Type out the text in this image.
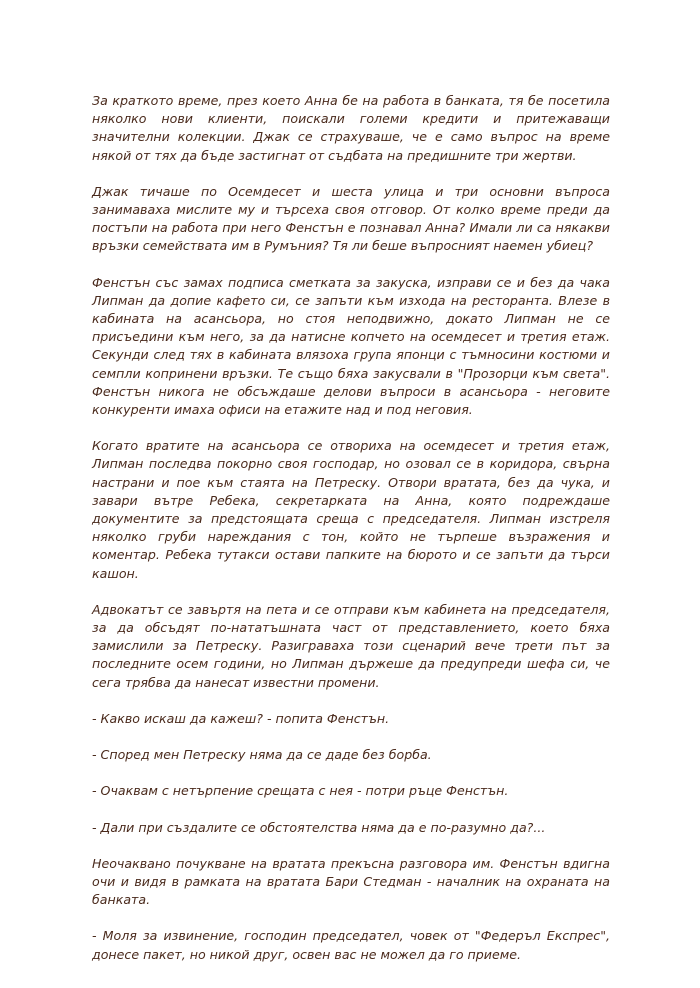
За краткото време, през което Анна бе на работа в банката, тя бе посетила няколко нови клиенти, поискали големи кредити и притежаващи значителни колекции. Джак се страхуваше, че е само въпрос на време някой от тях да бъде застигнат от съдбата на предишните три жертви.

Джак тичаше по Осемдесет и шеста улица и три основни въпроса занимаваха мислите му и търсеха своя отговор. От колко време преди да постъпи на работа при него Фенстън е познавал Анна? Имали ли са някакви връзки семействата им в Румъния? Тя ли беше въпросният наемен убиец?

Фенстън със замах подписа сметката за закуска, изправи се и без да чака Липман да допие кафето си, се запъти към изхода на ресторанта. Влезе в кабината на асансьора, но стоя неподвижно, докато Липман не се присъедини към него, за да натисне копчето на осемдесет и третия етаж. Секунди след тях в кабината влязоха група японци с тъмносини костюми и семпли копринени връзки. Те също бяха закусвали в "Прозорци към света". Фенстън никога не обсъждаше делови въпроси в асансьора - неговите конкуренти имаха офиси на етажите над и под неговия.

Когато вратите на асансьора се отвориха на осемдесет и третия етаж, Липман последва покорно своя господар, но озовал се в коридора, свърна настрани и пое към стаята на Петреску. Отвори вратата, без да чука, и завари вътре Ребека, секретарката на Анна, която подреждаше документите за предстоящата среща с председателя. Липман изстреля няколко груби нареждания с тон, който не търпеше възражения и коментар. Ребека тутакси остави папките на бюрото и се запъти да търси кашон.

Адвокатът се завъртя на пета и се отправи към кабинета на председателя, за да обсъдят по-нататъшната част от представлението, което бяха замислили за Петреску. Разиграваха този сценарий вече трети път за последните осем години, но Липман държеше да предупреди шефа си, че сега трябва да нанесат известни промени.

- Какво искаш да кажеш? - попита Фенстън.

- Според мен Петреску няма да се даде без борба.

- Очаквам с нетърпение срещата с нея - потри ръце Фенстън.

- Дали при създалите се обстоятелства няма да е по-разумно да?...

Неочаквано почукване на вратата прекъсна разговора им. Фенстън вдигна очи и видя в рамката на вратата Бари Стедман - началник на охраната на банката.

- Моля за извинение, господин председател, човек от "Федеръл Експрес", донесе пакет, но никой друг, освен вас не можел да го приеме.
